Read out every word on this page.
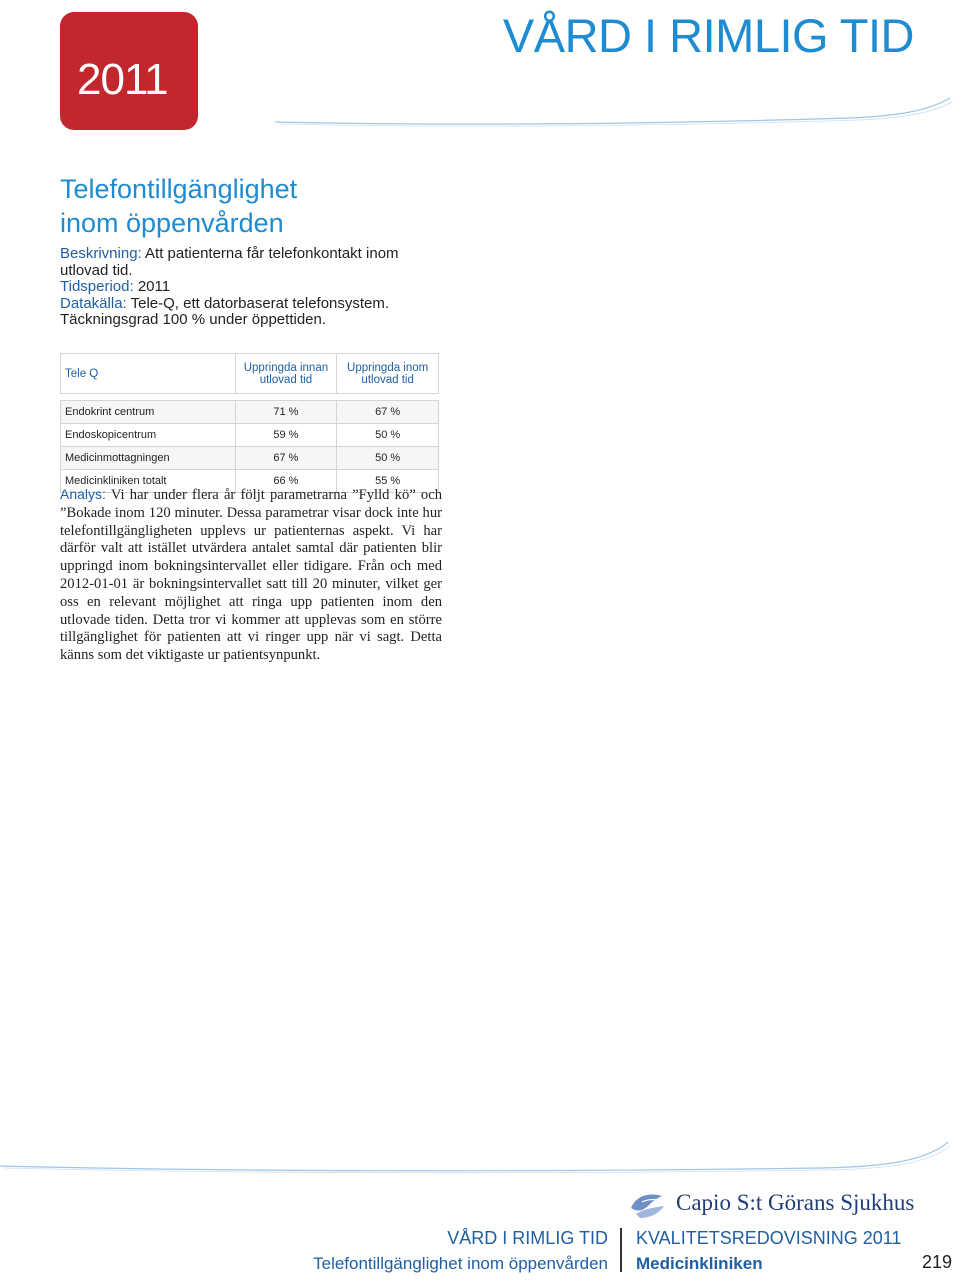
2011
VÅRD I RIMLIG TID
Telefontillgänglighet
inom öppenvården
Beskrivning: Att patienterna får telefonkontakt inom utlovad tid.
Tidsperiod: 2011
Datakälla: Tele-Q, ett datorbaserat telefonsystem. Täckningsgrad 100 % under öppettiden.
Tele Q	Uppringda innan utlovad tid	Uppringda inom utlovad tid

Endokrint centrum	71 %	67 %
Endoskopicentrum	59 %	50 %
Medicinmottagningen	67 %	50 %
Medicinkliniken totalt	66 %	55 %
Analys: Vi har under flera år följt parametrarna ”Fylld kö” och ”Bokade inom 120 minuter. Dessa parametrar visar dock inte hur telefontillgängligheten upplevs ur patienternas aspekt. Vi har därför valt att istället utvärdera antalet samtal där patienten blir uppringd inom bokningsintervallet eller tidigare. Från och med 2012-01-01 är bokningsintervallet satt till 20 minuter, vilket ger oss en relevant möjlighet att ringa upp patienten inom den utlovade tiden. Detta tror vi kommer att upplevas som en större tillgänglighet för patienten att vi ringer upp när vi sagt. Detta känns som det viktigaste ur patientsynpunkt.
Capio S:t Görans Sjukhus
VÅRD I RIMLIG TID
Telefontillgänglighet inom öppenvården
KVALITETSREDOVISNING 2011
Medicinkliniken	219
